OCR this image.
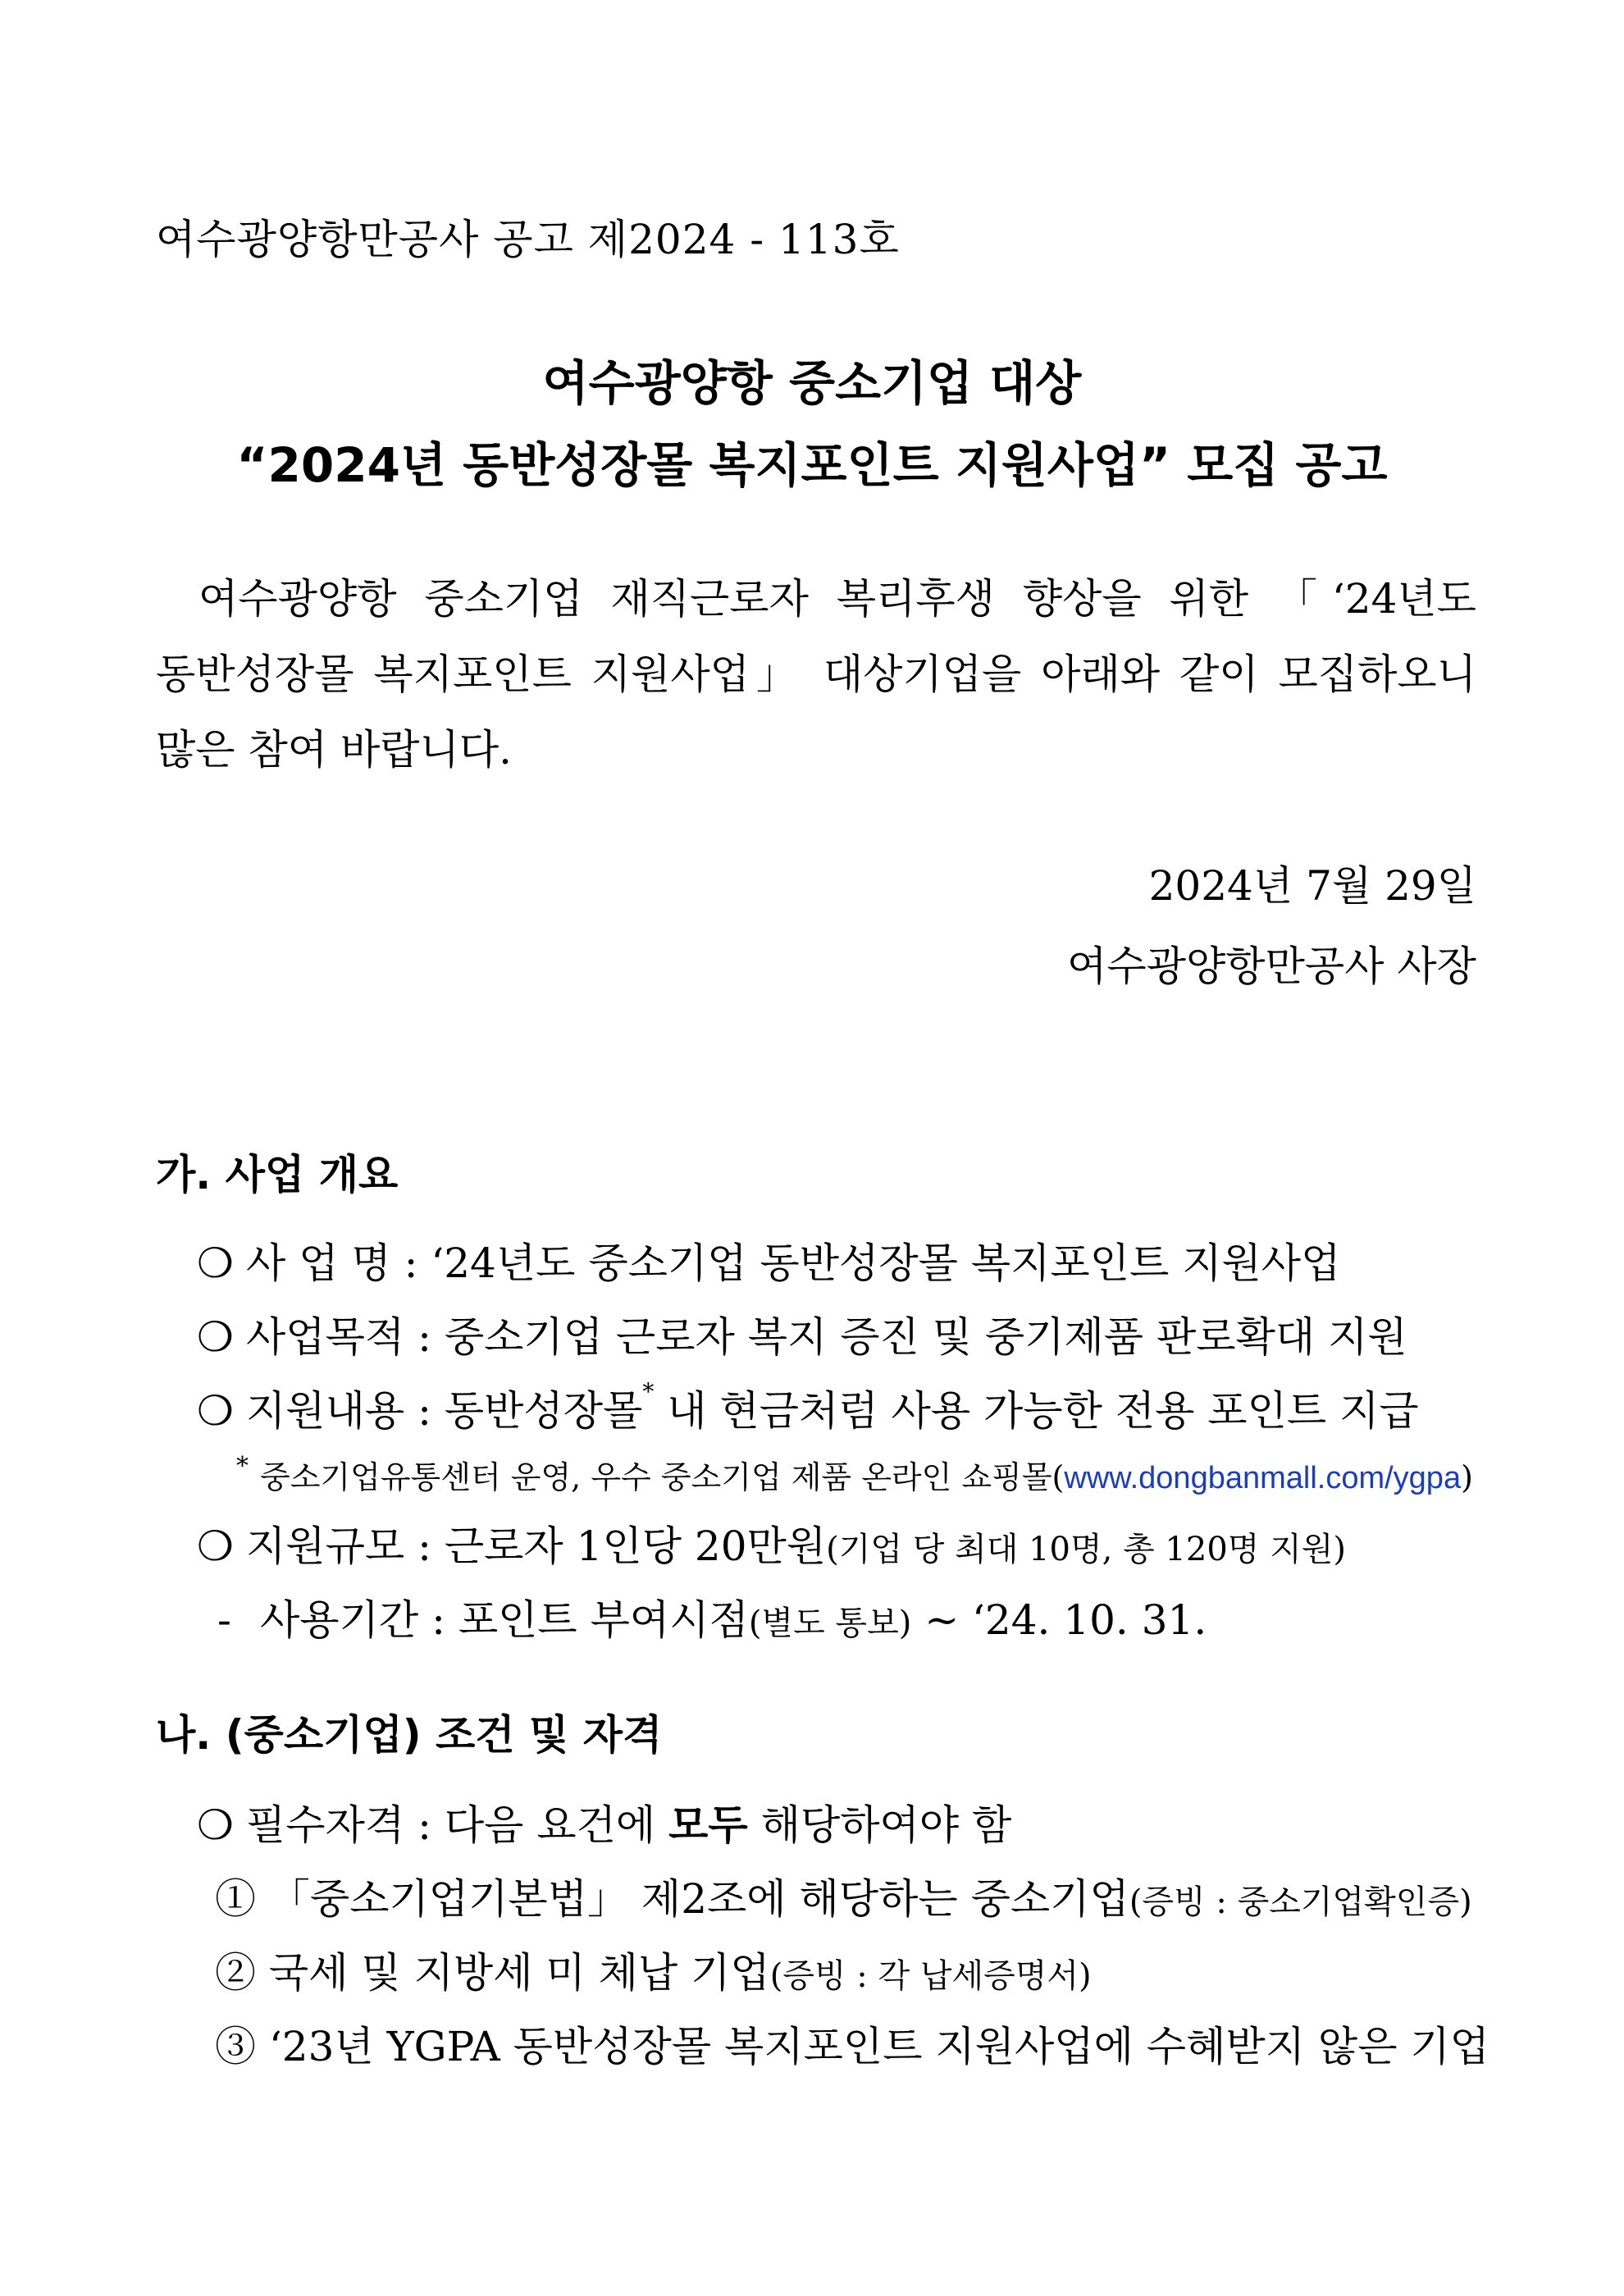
여수광양항만공사 공고 제2024 - 113호
여수광양항 중소기업 대상
“2024년 동반성장몰 복지포인트 지원사업” 모집 공고
여수광양항 중소기업 재직근로자 복리후생 향상을 위한 「‘24년도
동반성장몰 복지포인트 지원사업」 대상기업을 아래와 같이 모집하오니
많은 참여 바랍니다.
2024년 7월 29일
여수광양항만공사 사장
가. 사업 개요
❍ 사 업 명 : ‘24년도 중소기업 동반성장몰 복지포인트 지원사업
❍ 사업목적 : 중소기업 근로자 복지 증진 및 중기제품 판로확대 지원
❍ 지원내용 : 동반성장몰* 내 현금처럼 사용 가능한 전용 포인트 지급
* 중소기업유통센터 운영, 우수 중소기업 제품 온라인 쇼핑몰(www.dongbanmall.com/ygpa)
❍ 지원규모 : 근로자 1인당 20만원(기업 당 최대 10명, 총 120명 지원)
- 사용기간 : 포인트 부여시점(별도 통보) ~ ‘24. 10. 31.
나. (중소기업) 조건 및 자격
❍ 필수자격 : 다음 요건에 모두 해당하여야 함
① 「중소기업기본법」 제2조에 해당하는 중소기업(증빙 : 중소기업확인증)
② 국세 및 지방세 미 체납 기업(증빙 : 각 납세증명서)
③ ‘23년 YGPA 동반성장몰 복지포인트 지원사업에 수혜받지 않은 기업
